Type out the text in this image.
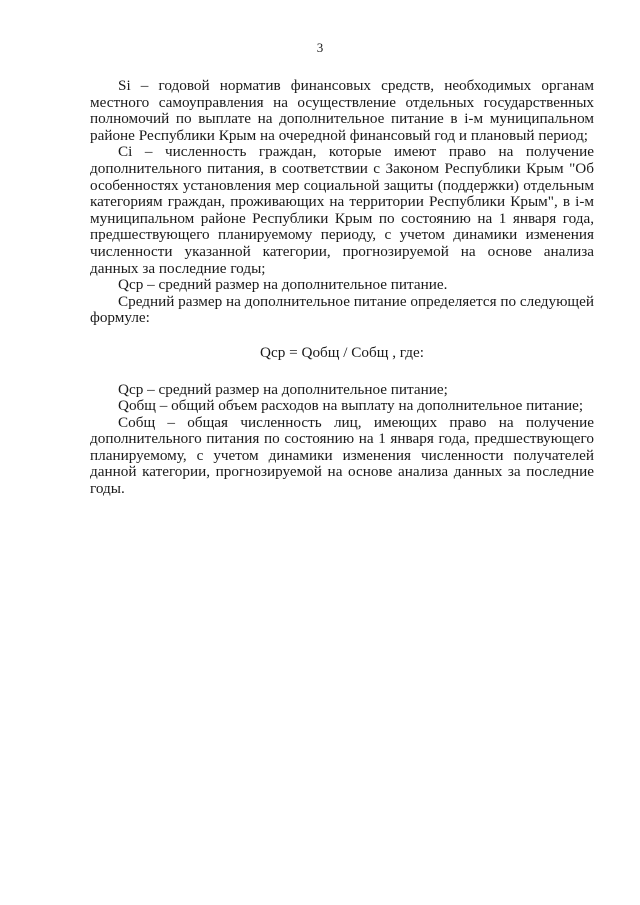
3

Si – годовой норматив финансовых средств, необходимых органам местного самоуправления на осуществление отдельных государственных полномочий по выплате на дополнительное питание в i-м муниципальном районе Республики Крым на очередной финансовый год и плановый период;

Ci – численность граждан, которые имеют право на получение дополнительного питания, в соответствии с Законом Республики Крым "Об особенностях установления мер социальной защиты (поддержки) отдельным категориям граждан, проживающих на территории Республики Крым", в i-м муниципальном районе Республики Крым по состоянию на 1 января года, предшествующего планируемому периоду, с учетом динамики изменения численности указанной категории, прогнозируемой на основе анализа данных за последние годы;

Qср – средний размер на дополнительное питание.

Средний размер на дополнительное питание определяется по следующей формуле:

Qср = Qобщ / Cобщ , где:

Qср – средний размер на дополнительное питание;

Qобщ – общий объем расходов на выплату на дополнительное питание;

Cобщ – общая численность лиц, имеющих право на получение дополнительного питания по состоянию на 1 января года, предшествующего планируемому, с учетом динамики изменения численности получателей данной категории, прогнозируемой на основе анализа данных за последние годы.
